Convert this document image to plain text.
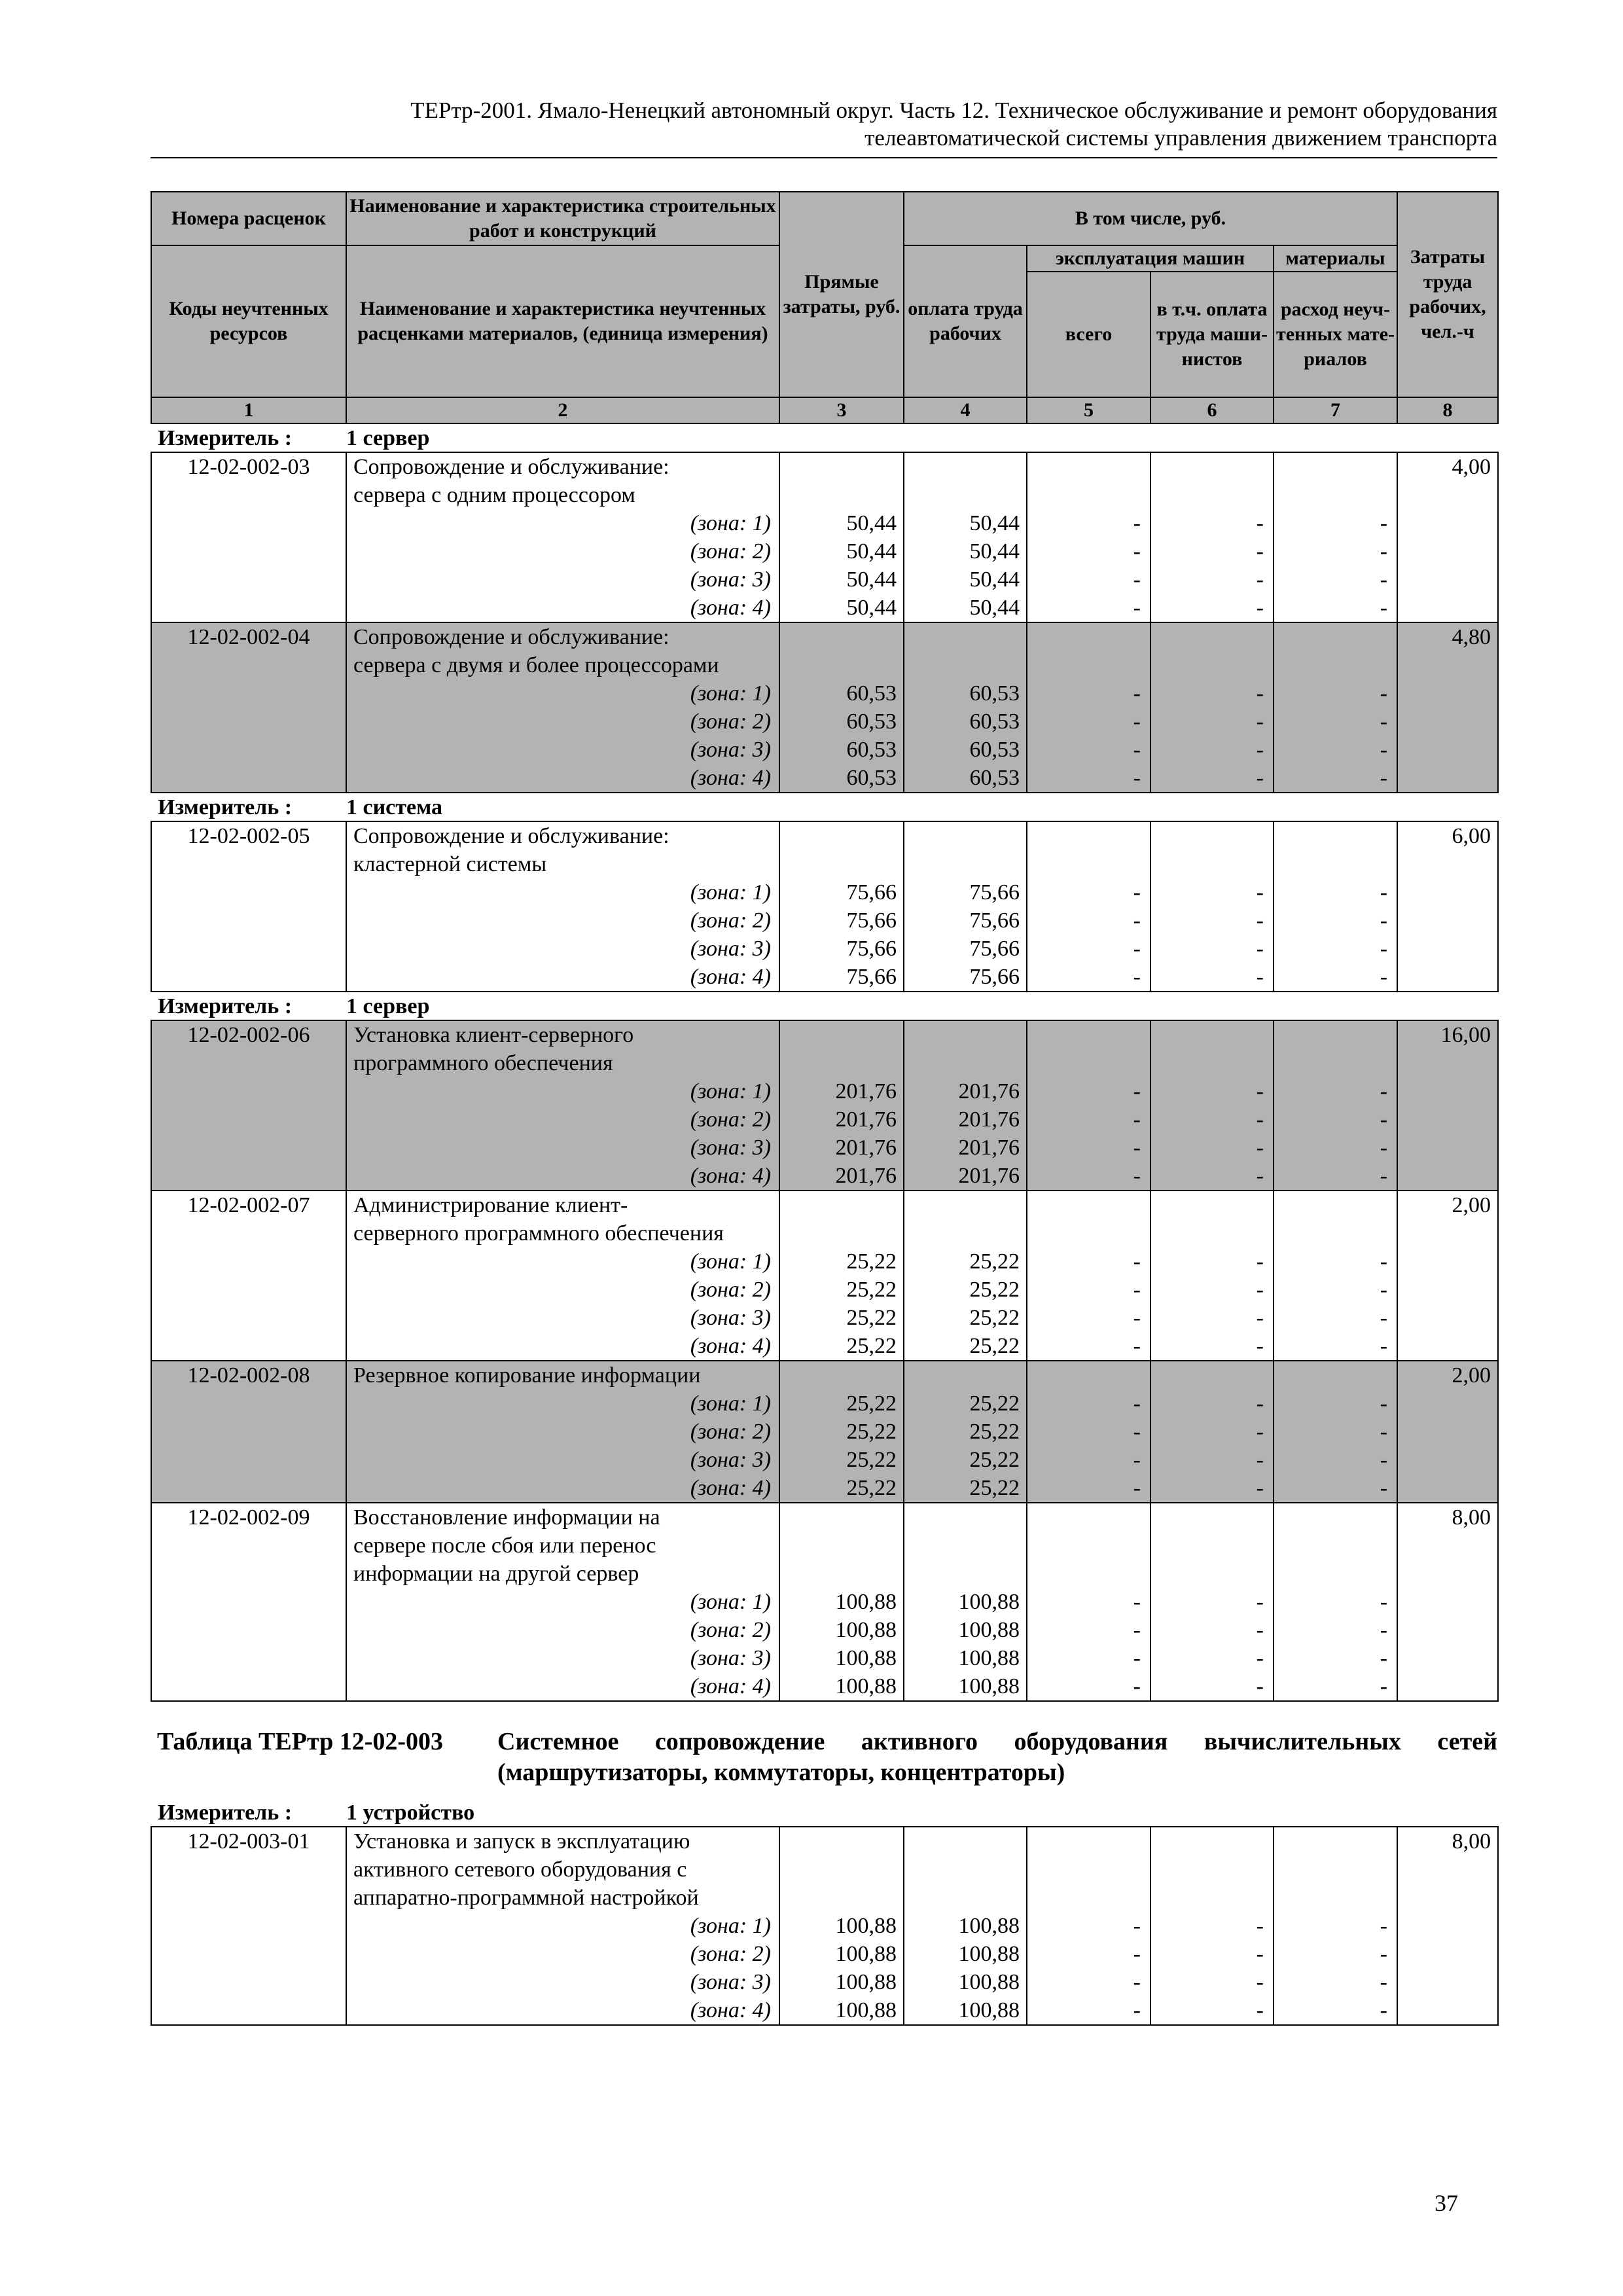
ТЕРтр-2001. Ямало-Ненецкий автономный округ. Часть 12. Техническое обслуживание и ремонт оборудования
телеавтоматической системы управления движением транспорта
Номера расценок	Наименование и характеристика строительных работ и конструкций	Прямые затраты, руб.	В том числе, руб.				Затраты труда рабочих, чел.-ч
Коды неучтенных ресурсов	Наименование и характеристика неучтенных расценками материалов, (единица измерения)		оплата труда рабочих	эксплуатация машин		материалы	
				всего	в т.ч. оплата труда маши-нистов	расход неуч-тенных мате-риалов	
1	2	3	4	5	6	7	8
Измеритель :	1 сервер						
12-02-002-03	Сопровождение и обслуживание:						4,00
	сервера с одним процессором						
	(зона: 1)	50,44	50,44	-	-	-	
	(зона: 2)	50,44	50,44	-	-	-	
	(зона: 3)	50,44	50,44	-	-	-	
	(зона: 4)	50,44	50,44	-	-	-	
12-02-002-04	Сопровождение и обслуживание:						4,80
	сервера с двумя и более процессорами						
	(зона: 1)	60,53	60,53	-	-	-	
	(зона: 2)	60,53	60,53	-	-	-	
	(зона: 3)	60,53	60,53	-	-	-	
	(зона: 4)	60,53	60,53	-	-	-	
Измеритель :	1 система						
12-02-002-05	Сопровождение и обслуживание:						6,00
	кластерной системы						
	(зона: 1)	75,66	75,66	-	-	-	
	(зона: 2)	75,66	75,66	-	-	-	
	(зона: 3)	75,66	75,66	-	-	-	
	(зона: 4)	75,66	75,66	-	-	-	
Измеритель :	1 сервер						
12-02-002-06	Установка клиент-серверного						16,00
	программного обеспечения						
	(зона: 1)	201,76	201,76	-	-	-	
	(зона: 2)	201,76	201,76	-	-	-	
	(зона: 3)	201,76	201,76	-	-	-	
	(зона: 4)	201,76	201,76	-	-	-	
12-02-002-07	Администрирование клиент-						2,00
	серверного программного обеспечения						
	(зона: 1)	25,22	25,22	-	-	-	
	(зона: 2)	25,22	25,22	-	-	-	
	(зона: 3)	25,22	25,22	-	-	-	
	(зона: 4)	25,22	25,22	-	-	-	
12-02-002-08	Резервное копирование информации						2,00
	(зона: 1)	25,22	25,22	-	-	-	
	(зона: 2)	25,22	25,22	-	-	-	
	(зона: 3)	25,22	25,22	-	-	-	
	(зона: 4)	25,22	25,22	-	-	-	
12-02-002-09	Восстановление информации на						8,00
	сервере после сбоя или перенос						
	информации на другой сервер						
	(зона: 1)	100,88	100,88	-	-	-	
	(зона: 2)	100,88	100,88	-	-	-	
	(зона: 3)	100,88	100,88	-	-	-	
	(зона: 4)	100,88	100,88	-	-	-	
Таблица ТЕРтр 12-02-003	Системное сопровождение активного оборудования вычислительных сетей (маршрутизаторы, коммутаторы, концентраторы)
Измеритель :	1 устройство						
12-02-003-01	Установка и запуск в эксплуатацию						8,00
	активного сетевого оборудования с						
	аппаратно-программной настройкой						
	(зона: 1)	100,88	100,88	-	-	-	
	(зона: 2)	100,88	100,88	-	-	-	
	(зона: 3)	100,88	100,88	-	-	-	
	(зона: 4)	100,88	100,88	-	-	-	
37
